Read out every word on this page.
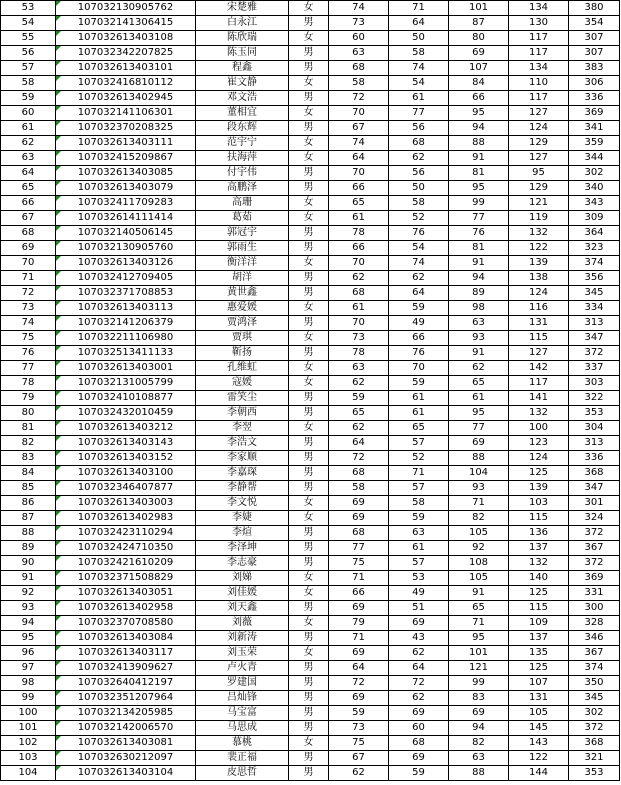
53	107032130905762	宋楚雅	女	74	71	101	134	380
54	107032141306415	白永江	男	73	64	87	130	354
55	107032613403108	陈欣瑞	女	60	50	80	117	307
56	107032342207825	陈玉同	男	63	58	69	117	307
57	107032613403101	程鑫	男	68	74	107	134	383
58	107032416810112	崔文静	女	58	54	84	110	306
59	107032613402945	邓文浩	男	72	61	66	117	336
60	107032141106301	董相宜	女	70	77	95	127	369
61	107032370208325	段东辉	男	67	56	94	124	341
62	107032613403111	范宇宁	女	74	68	88	129	359
63	107032415209867	扶海萍	女	64	62	91	127	344
64	107032613403085	付宇伟	男	70	56	81	95	302
65	107032613403079	高鹏泽	男	66	50	95	129	340
66	107032411709283	高珊	女	65	58	99	121	343
67	107032614111414	葛茹	女	61	52	77	119	309
68	107032140506145	郭冠宇	男	78	76	76	132	364
69	107032130905760	郭雨生	男	66	54	81	122	323
70	107032613403126	衡洋洋	女	70	74	91	139	374
71	107032412709405	胡洋	男	62	62	94	138	356
72	107032371708853	黄世鑫	男	68	64	89	124	345
73	107032613403113	惠爱媛	女	61	59	98	116	334
74	107032141206379	贾鸿泽	男	70	49	63	131	313
75	107032211106980	贾琪	女	73	66	93	115	347
76	107032513411133	靳扬	男	78	76	91	127	372
77	107032613403001	孔维虹	女	63	70	62	142	337
78	107032131005799	寇媛	女	62	59	65	117	303
79	107032410108877	雷笑尘	男	59	61	61	141	322
80	107032432010459	李朝西	男	65	61	95	132	353
81	107032613403212	李翌	女	62	65	77	100	304
82	107032613403143	李浩文	男	64	57	69	123	313
83	107032613403152	李家顺	男	72	52	88	124	336
84	107032613403100	李嘉琛	男	68	71	104	125	368
85	107032346407877	李静帮	男	58	57	93	139	347
86	107032613403003	李文悦	女	69	58	71	103	301
87	107032613402983	李婕	女	69	59	82	115	324
88	107032423110294	李煊	男	68	63	105	136	372
89	107032424710350	李泽坤	男	77	61	92	137	367
90	107032421610209	李志豪	男	75	57	108	132	372
91	107032371508829	刘娣	女	71	53	105	140	369
92	107032613403051	刘佳媛	女	66	49	91	125	331
93	107032613402958	刘天鑫	男	69	51	65	115	300
94	107032370708580	刘薇	女	79	69	71	109	328
95	107032613403084	刘新涛	男	71	43	95	137	346
96	107032613403117	刘玉荣	女	69	62	101	135	367
97	107032413909627	卢火青	男	64	64	121	125	374
98	107032640412197	罗建国	男	72	72	99	107	350
99	107032351207964	吕灿锋	男	69	62	83	131	345
100	107032134205985	马宝富	男	59	69	69	105	302
101	107032142006570	马思成	男	73	60	94	145	372
102	107032613403081	慕桃	女	75	68	82	143	368
103	107032630212097	裴正福	男	67	69	63	122	321
104	107032613403104	皮思哲	男	62	59	88	144	353
